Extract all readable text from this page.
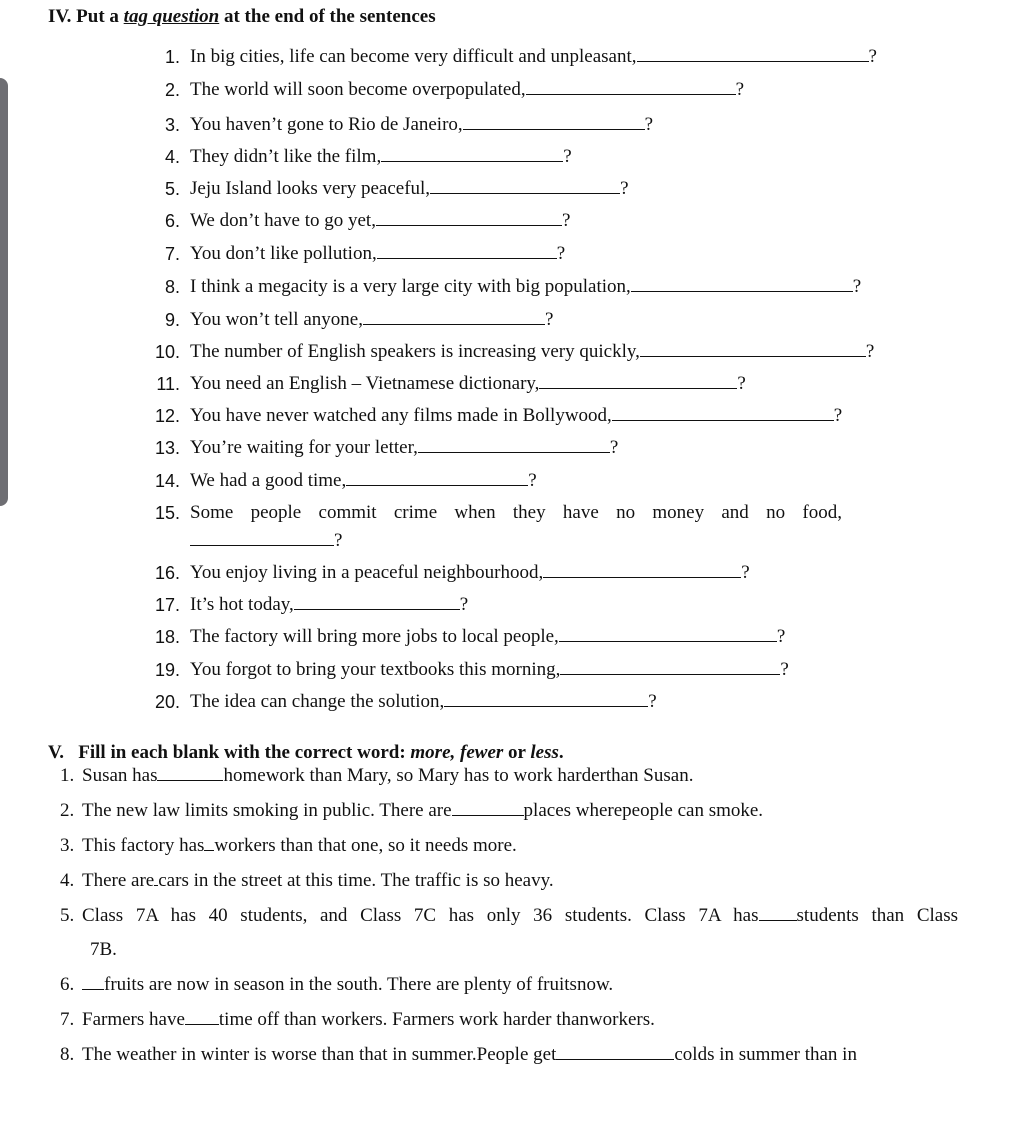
IV. Put a tag question at the end of the sentences
1. In big cities, life can become very difficult and unpleasant,	?
2. The world will soon become overpopulated,	?
3. You haven’t gone to Rio de Janeiro,	?
4. They didn’t like the film,	?
5. Jeju Island looks very peaceful,	?
6. We don’t have to go yet,	?
7. You don’t like pollution,	?
8. I think a megacity is a very large city with big population,	?
9. You won’t tell anyone,	?
10. The number of English speakers is increasing very quickly,	?
11. You need an English – Vietnamese dictionary,	?
12. You have never watched any films made in Bollywood,	?
13. You’re waiting for your letter,	?
14. We had a good time,	?
15. Some people commit crime when they have no money and no food,
?
16. You enjoy living in a peaceful neighbourhood,	?
17. It’s hot today,	?
18. The factory will bring more jobs to local people,	?
19. You forgot to bring your textbooks this morning,	?
20. The idea can change the solution,	?
V.   Fill in each blank with the correct word: more, fewer or less.
1. Susan has	homework than Mary, so Mary has to work harderthan Susan.
2. The new law limits smoking in public. There are	places wherepeople can smoke.
3. This factory has workers than that one, so it needs more.
4. There are cars in the street at this time. The traffic is so heavy.
5. Class 7A has 40 students, and Class 7C has only 36 students. Class 7A has students than Class
7B.
6. fruits are now in season in the south. There are plenty of fruitsnow.
7. Farmers have time off than workers. Farmers work harder thanworkers.
8. The weather in winter is worse than that in summer.People get	colds in summer than in
